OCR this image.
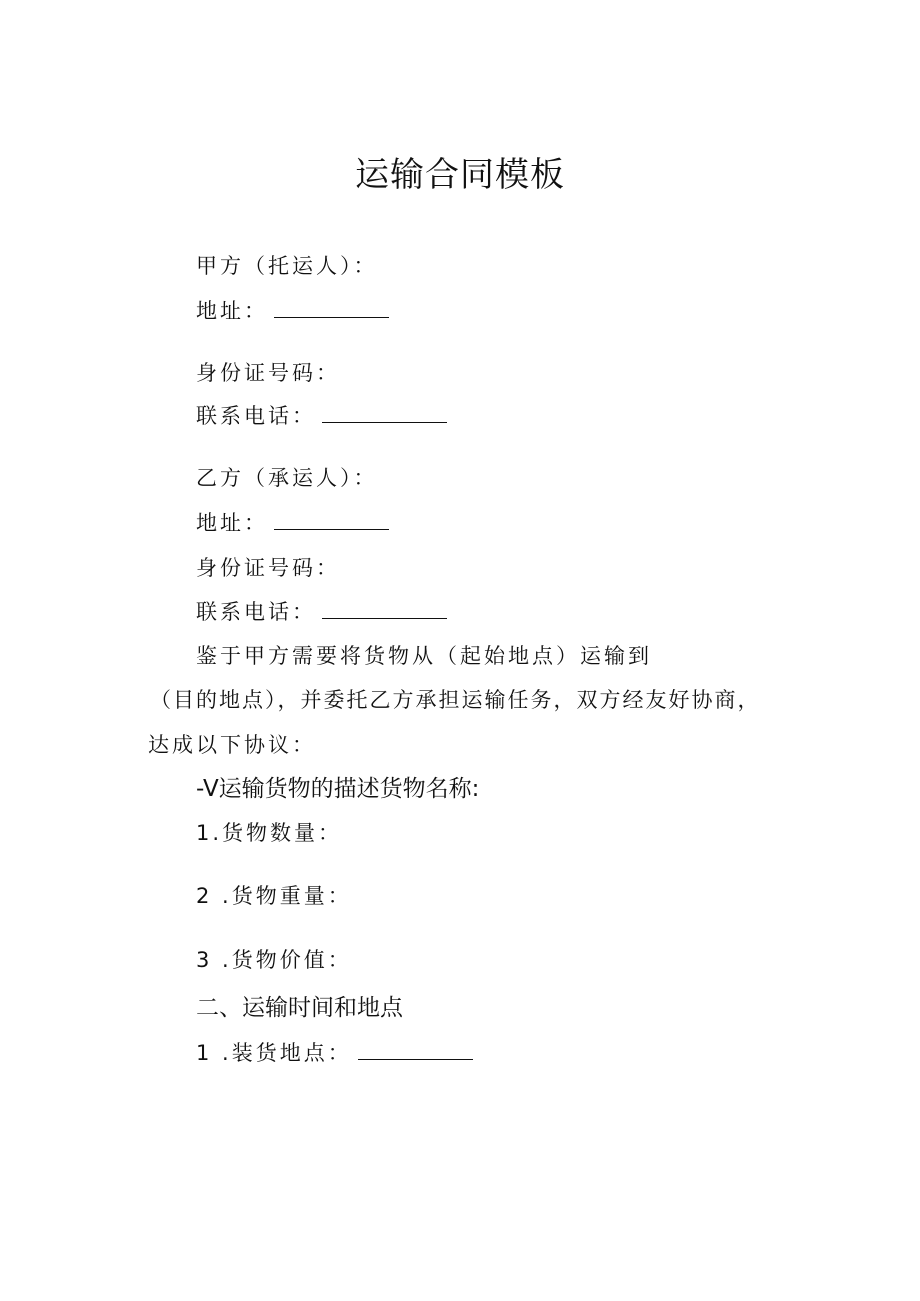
运输合同模板
甲方（托运人）：
地址：
身份证号码：
联系电话：
乙方（承运人）：
地址：
身份证号码：
联系电话：
鉴于甲方需要将货物从（起始地点）运输到
（目的地点），并委托乙方承担运输任务，双方经友好协商，
达成以下协议：
-V运输货物的描述货物名称:
1.货物数量：
2 .货物重量：
3 .货物价值：
二、运输时间和地点
1 .装货地点：
